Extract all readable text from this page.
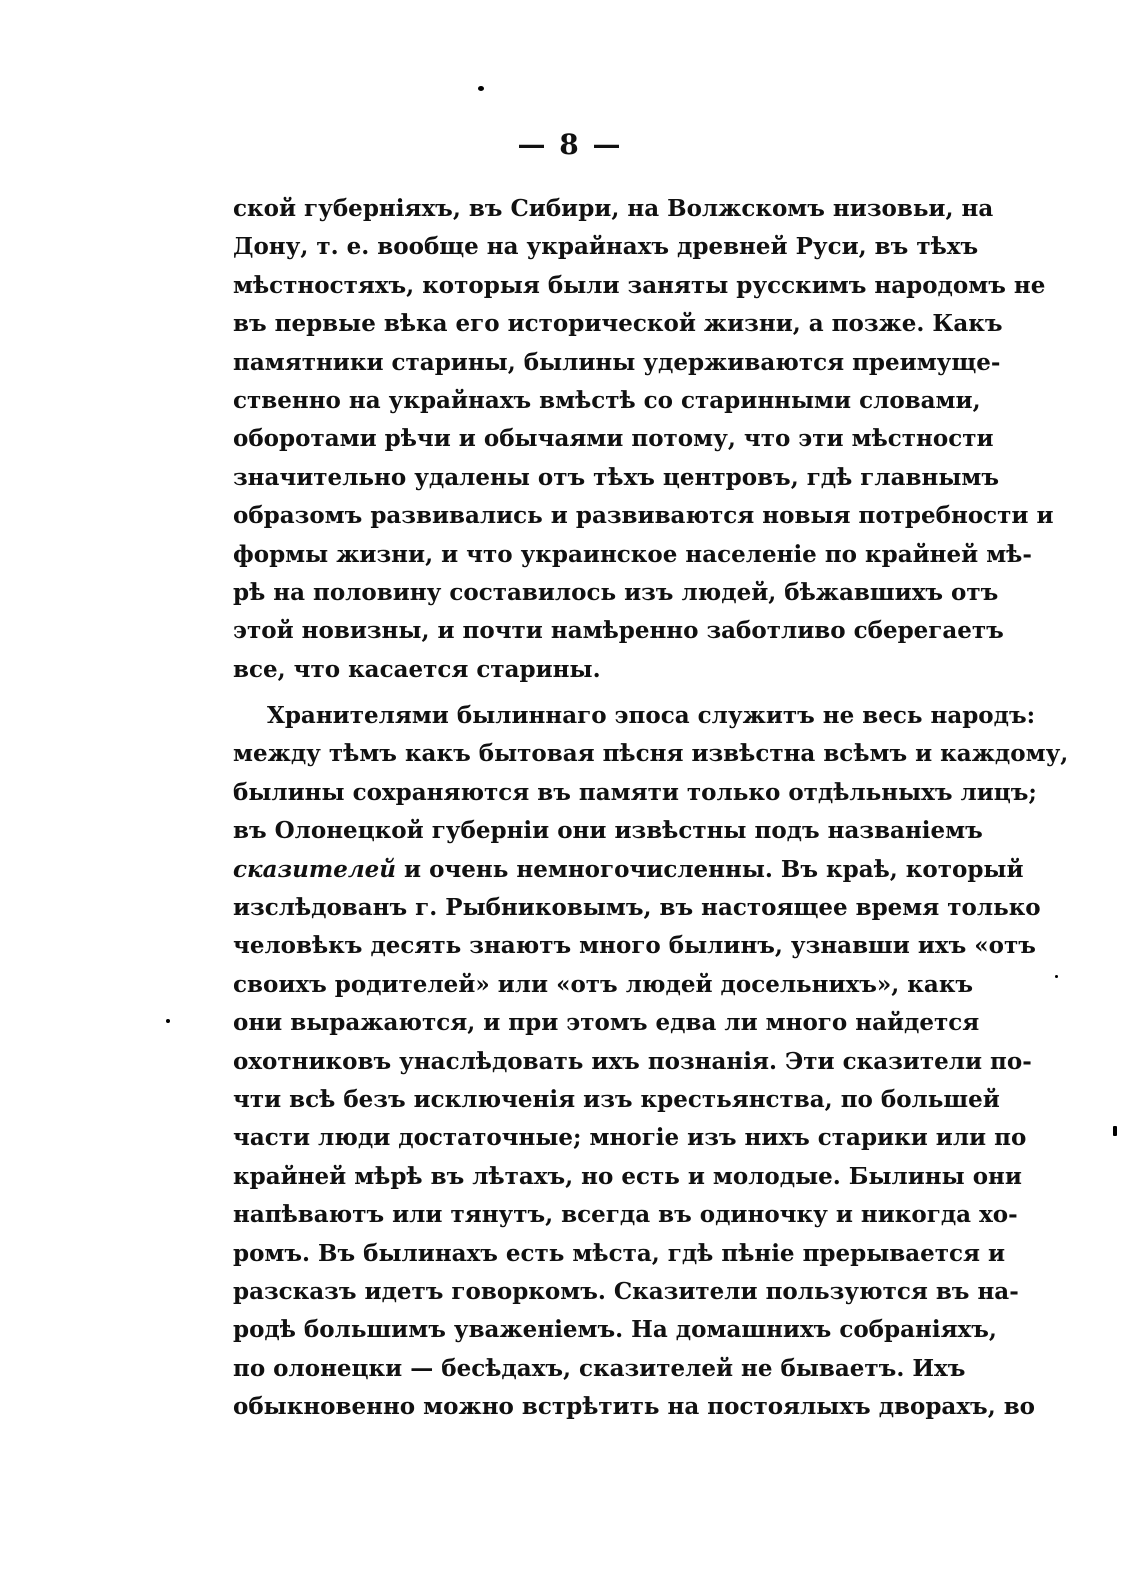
— 8 —
ской губерніяхъ, въ Сибири, на Волжскомъ низовьи, на
Дону, т. е. вообще на украйнахъ древней Руси, въ тѣхъ
мѣстностяхъ, которыя были заняты русскимъ народомъ не
въ первые вѣка его исторической жизни, а позже. Какъ
памятники старины, былины удерживаются преимуще-
ственно на украйнахъ вмѣстѣ со старинными словами,
оборотами рѣчи и обычаями потому, что эти мѣстности
значительно удалены отъ тѣхъ центровъ, гдѣ главнымъ
образомъ развивались и развиваются новыя потребности и
формы жизни, и что украинское населеніе по крайней мѣ-
рѣ на половину составилось изъ людей, бѣжавшихъ отъ
этой новизны, и почти намѣренно заботливо сберегаетъ
все, что касается старины.
Хранителями былиннаго эпоса служитъ не весь народъ:
между тѣмъ какъ бытовая пѣсня извѣстна всѣмъ и каждому,
былины сохраняются въ памяти только отдѣльныхъ лицъ;
въ Олонецкой губерніи они извѣстны подъ названіемъ
сказителей и очень немногочисленны. Въ краѣ, который
изслѣдованъ г. Рыбниковымъ, въ настоящее время только
человѣкъ десять знаютъ много былинъ, узнавши ихъ «отъ
своихъ родителей» или «отъ людей досельнихъ», какъ
они выражаются, и при этомъ едва ли много найдется
охотниковъ унаслѣдовать ихъ познанія. Эти сказители по-
чти всѣ безъ исключенія изъ крестьянства, по большей
части люди достаточные; многіе изъ нихъ старики или по
крайней мѣрѣ въ лѣтахъ, но есть и молодые. Былины они
напѣваютъ или тянутъ, всегда въ одиночку и никогда хо-
ромъ. Въ былинахъ есть мѣста, гдѣ пѣніе прерывается и
разсказъ идетъ говоркомъ. Сказители пользуются въ на-
родѣ большимъ уваженіемъ. На домашнихъ собраніяхъ,
по олонецки — бесѣдахъ, сказителей не бываетъ. Ихъ
обыкновенно можно встрѣтить на постоялыхъ дворахъ, во
